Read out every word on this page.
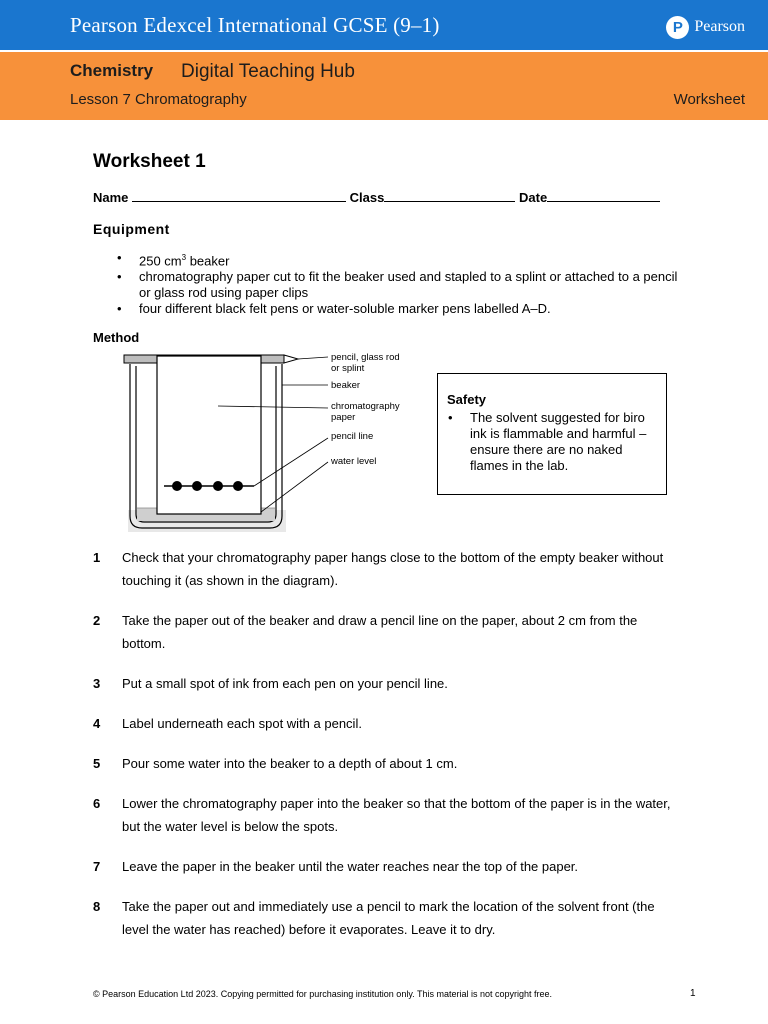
Pearson Edexcel International GCSE (9–1)	P Pearson
Chemistry Digital Teaching Hub
Lesson 7 Chromatography	Worksheet
Worksheet 1
Name	Class	Date
Equipment
• 250 $cm^3$ beaker
• chromatography paper cut to fit the beaker used and stapled to a splint or attached to a pencil or glass rod using paper clips
• four different black felt pens or water-soluble marker pens labelled A–D.
Method
pencil, glass rod
or splint
beaker
chromatography
paper
pencil line
water level
Safety
• The solvent suggested for biro ink is flammable and harmful – ensure there are no naked flames in the lab.
1 Check that your chromatography paper hangs close to the bottom of the empty beaker without touching it (as shown in the diagram).
2 Take the paper out of the beaker and draw a pencil line on the paper, about 2 cm from the bottom.
3 Put a small spot of ink from each pen on your pencil line.
4 Label underneath each spot with a pencil.
5 Pour some water into the beaker to a depth of about 1 cm.
6 Lower the chromatography paper into the beaker so that the bottom of the paper is in the water, but the water level is below the spots.
7 Leave the paper in the beaker until the water reaches near the top of the paper.
8 Take the paper out and immediately use a pencil to mark the location of the solvent front (the level the water has reached) before it evaporates. Leave it to dry.
© Pearson Education Ltd 2023. Copying permitted for purchasing institution only. This material is not copyright free.	1
